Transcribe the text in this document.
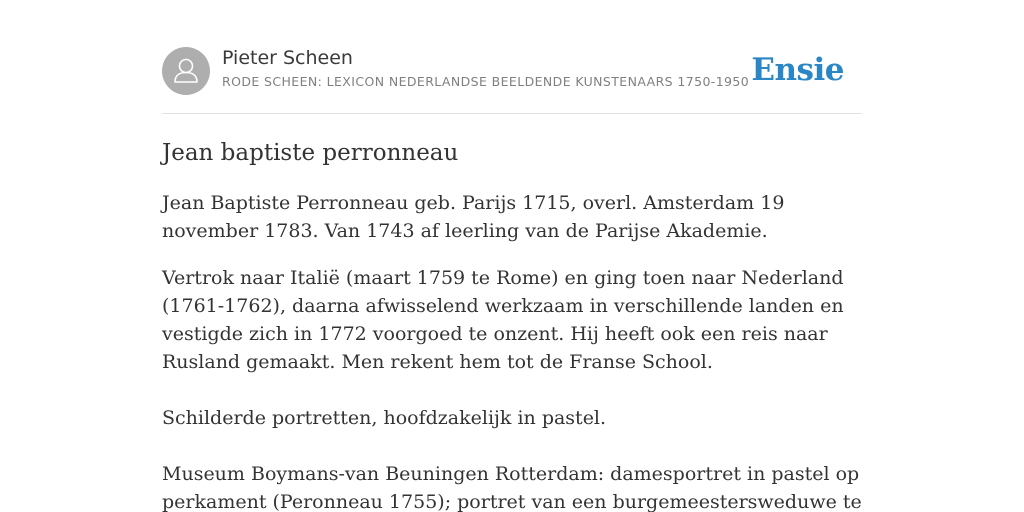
Pieter Scheen
RODE SCHEEN: LEXICON NEDERLANDSE BEELDENDE KUNSTENAARS 1750-1950 Ensie
Jean baptiste perronneau

Jean Baptiste Perronneau geb. Parijs 1715, overl. Amsterdam 19 november 1783. Van 1743 af leerling van de Parijse Akademie.

Vertrok naar Italië (maart 1759 te Rome) en ging toen naar Nederland (1761-1762), daarna afwisselend werkzaam in verschillende landen en vestigde zich in 1772 voorgoed te onzent. Hij heeft ook een reis naar Rusland gemaakt. Men rekent hem tot de Franse School.

Schilderde portretten, hoofdzakelijk in pastel.

Museum Boymans-van Beuningen Rotterdam: damesportret in pastel op perkament (Peronneau 1755); portret van een burgemeestersweduwe te
